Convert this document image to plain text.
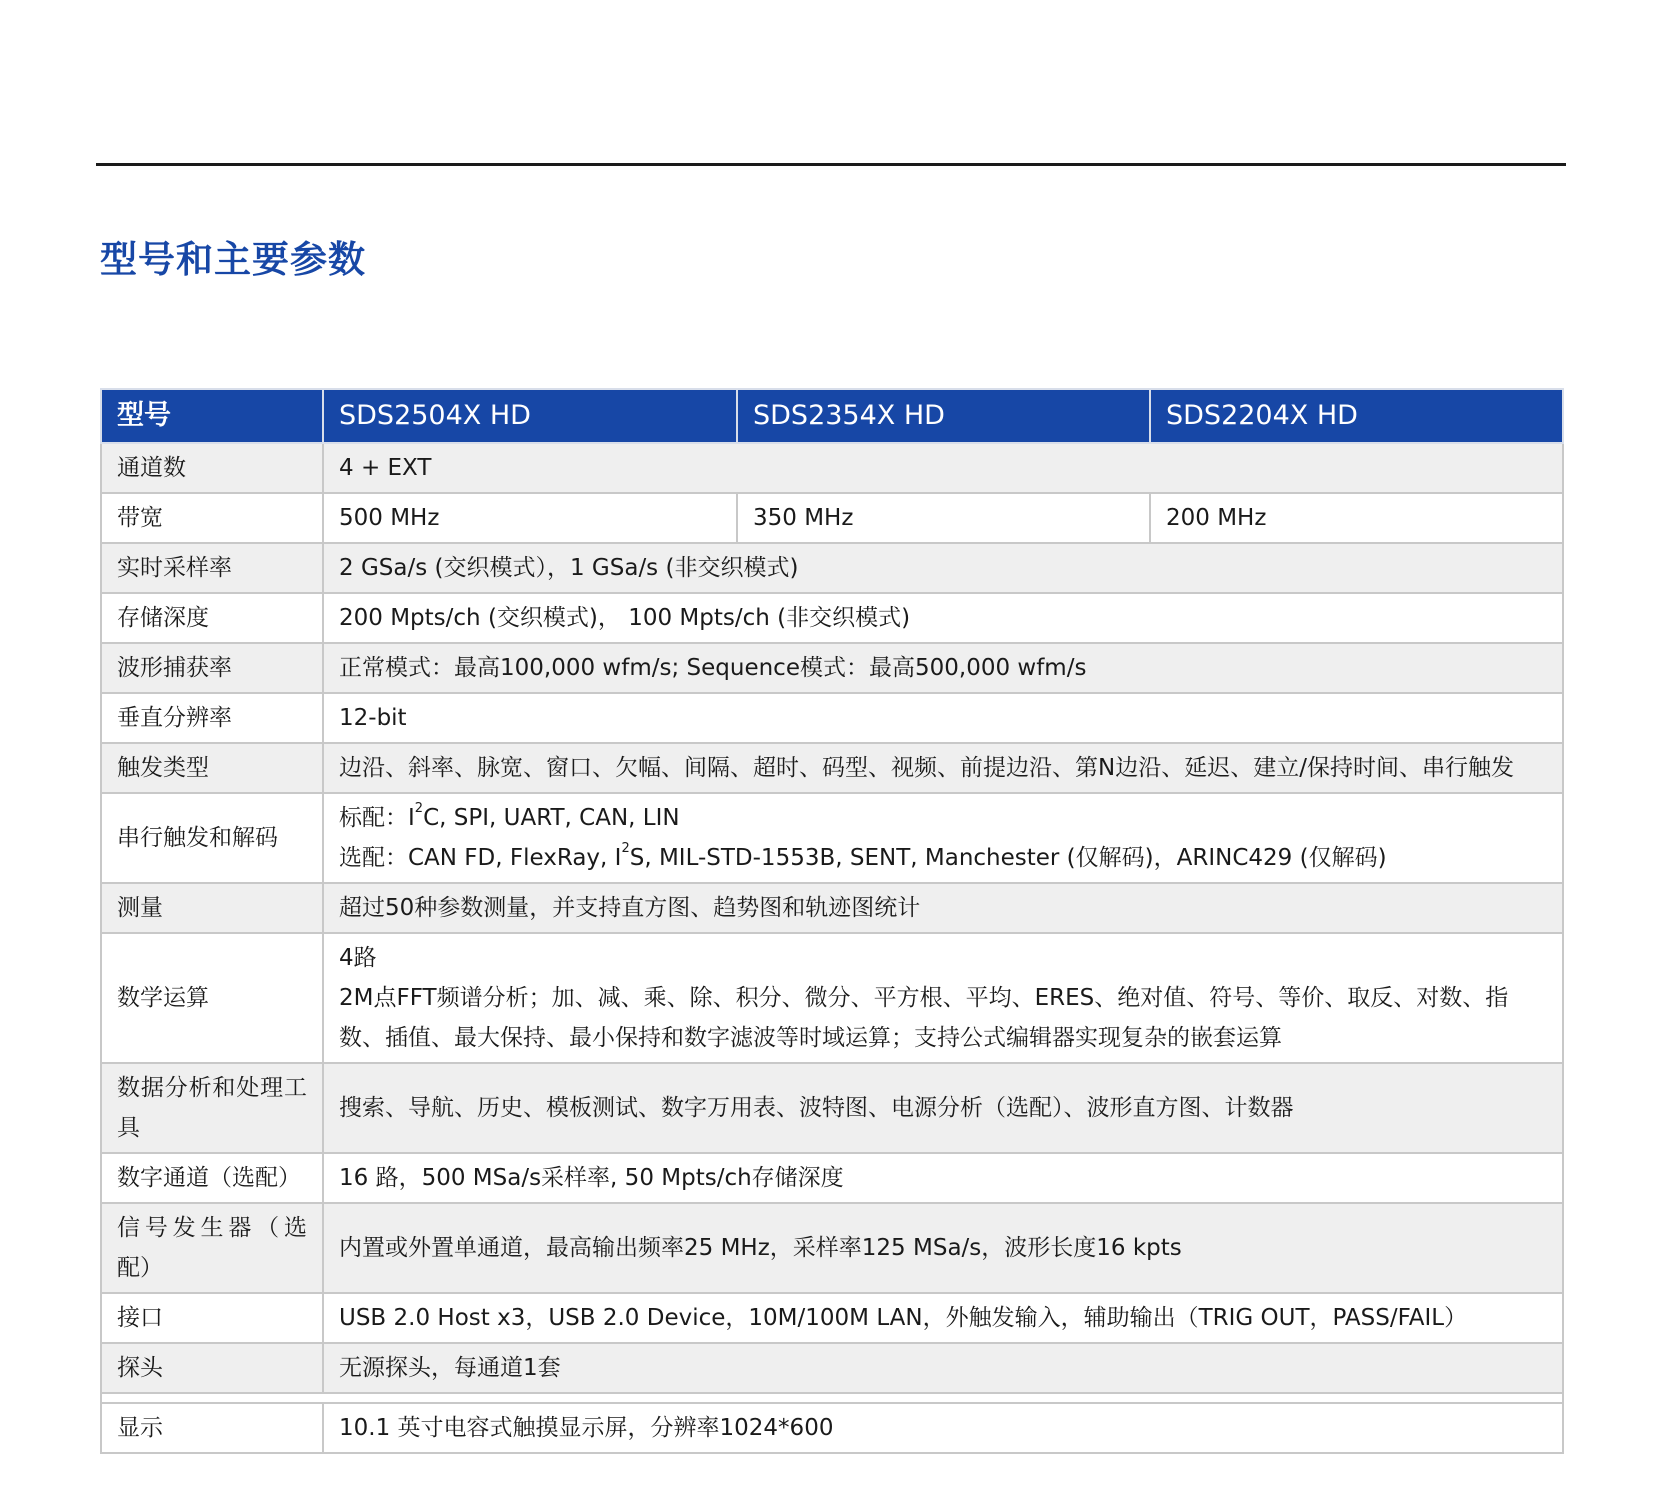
型号和主要参数
型号	SDS2504X HD	SDS2354X HD	SDS2204X HD
通道数	4 + EXT		
带宽	500 MHz	350 MHz	200 MHz
实时采样率	2 GSa/s (交织模式），1 GSa/s (非交织模式)		
存储深度	200 Mpts/ch (交织模式)， 100 Mpts/ch (非交织模式)		
波形捕获率	正常模式：最高100,000 wfm/s; Sequence模式：最高500,000 wfm/s		
垂直分辨率	12-bit		
触发类型	边沿、斜率、脉宽、窗口、欠幅、间隔、超时、码型、视频、前提边沿、第N边沿、延迟、建立/保持时间、串行触发		
串行触发和解码	标配：$I^2C$, SPI, UART, CAN, LIN
选配：CAN FD, FlexRay, $I^2S$, MIL-STD-1553B, SENT, Manchester (仅解码)，ARINC429 (仅解码)		

测量	超过50种参数测量，并支持直方图、趋势图和轨迹图统计		
数学运算	4路
2M点FFT频谱分析；加、减、乘、除、积分、微分、平方根、平均、ERES、绝对值、符号、等价、取反、对数、指数、插值、最大保持、最小保持和数字滤波等时域运算；支持公式编辑器实现复杂的嵌套运算		

数据分析和处理工具	搜索、导航、历史、模板测试、数字万用表、波特图、电源分析（选配）、波形直方图、计数器		
数字通道（选配）	16 路，500 MSa/s采样率, 50 Mpts/ch存储深度		
信号发生器（选配）	内置或外置单通道，最高输出频率25 MHz，采样率125 MSa/s，波形长度16 kpts		
接口	USB 2.0 Host x3，USB 2.0 Device，10M/100M LAN，外触发输入，辅助输出（TRIG OUT，PASS/FAIL）		
探头	无源探头，每通道1套		

显示	10.1 英寸电容式触摸显示屏，分辨率1024*600		
